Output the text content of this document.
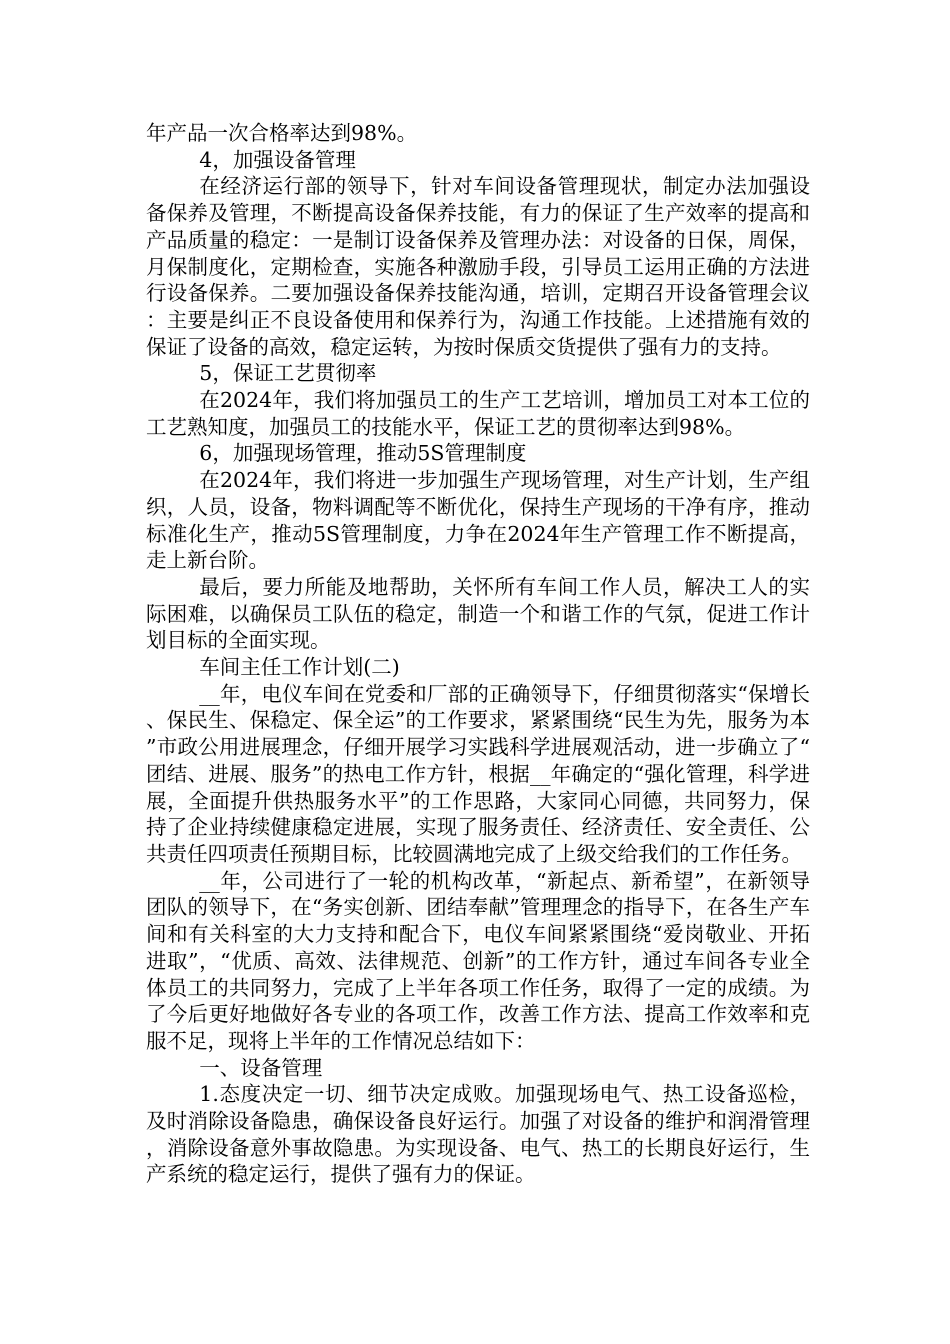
年产品一次合格率达到98%。

4，加强设备管理

在经济运行部的领导下，针对车间设备管理现状，制定办法加强设备保养及管理，不断提高设备保养技能，有力的保证了生产效率的提高和产品质量的稳定：一是制订设备保养及管理办法：对设备的日保，周保，月保制度化，定期检查，实施各种激励手段，引导员工运用正确的方法进行设备保养。二要加强设备保养技能沟通，培训，定期召开设备管理会议：主要是纠正不良设备使用和保养行为，沟通工作技能。上述措施有效的保证了设备的高效，稳定运转，为按时保质交货提供了强有力的支持。

5，保证工艺贯彻率

在2024年，我们将加强员工的生产工艺培训，增加员工对本工位的工艺熟知度，加强员工的技能水平，保证工艺的贯彻率达到98%。

6，加强现场管理，推动5S管理制度

在2024年，我们将进一步加强生产现场管理，对生产计划，生产组织，人员，设备，物料调配等不断优化，保持生产现场的干净有序，推动标准化生产，推动5S管理制度，力争在2024年生产管理工作不断提高，走上新台阶。

最后，要力所能及地帮助，关怀所有车间工作人员，解决工人的实际困难，以确保员工队伍的稳定，制造一个和谐工作的气氛，促进工作计划目标的全面实现。

车间主任工作计划(二)

__年，电仪车间在党委和厂部的正确领导下，仔细贯彻落实“保增长、保民生、保稳定、保全运”的工作要求，紧紧围绕“民生为先，服务为本”市政公用进展理念，仔细开展学习实践科学进展观活动，进一步确立了“团结、进展、服务”的热电工作方针，根据__年确定的“强化管理，科学进展，全面提升供热服务水平”的工作思路，大家同心同德，共同努力，保持了企业持续健康稳定进展，实现了服务责任、经济责任、安全责任、公共责任四项责任预期目标，比较圆满地完成了上级交给我们的工作任务。

__年，公司进行了一轮的机构改革，“新起点、新希望”，在新领导团队的领导下，在“务实创新、团结奉献”管理理念的指导下，在各生产车间和有关科室的大力支持和配合下，电仪车间紧紧围绕“爱岗敬业、开拓进取”，“优质、高效、法律规范、创新”的工作方针，通过车间各专业全体员工的共同努力，完成了上半年各项工作任务，取得了一定的成绩。为了今后更好地做好各专业的各项工作，改善工作方法、提高工作效率和克服不足，现将上半年的工作情况总结如下：

一、设备管理

1.态度决定一切、细节决定成败。加强现场电气、热工设备巡检，及时消除设备隐患，确保设备良好运行。加强了对设备的维护和润滑管理，消除设备意外事故隐患。为实现设备、电气、热工的长期良好运行，生产系统的稳定运行，提供了强有力的保证。
